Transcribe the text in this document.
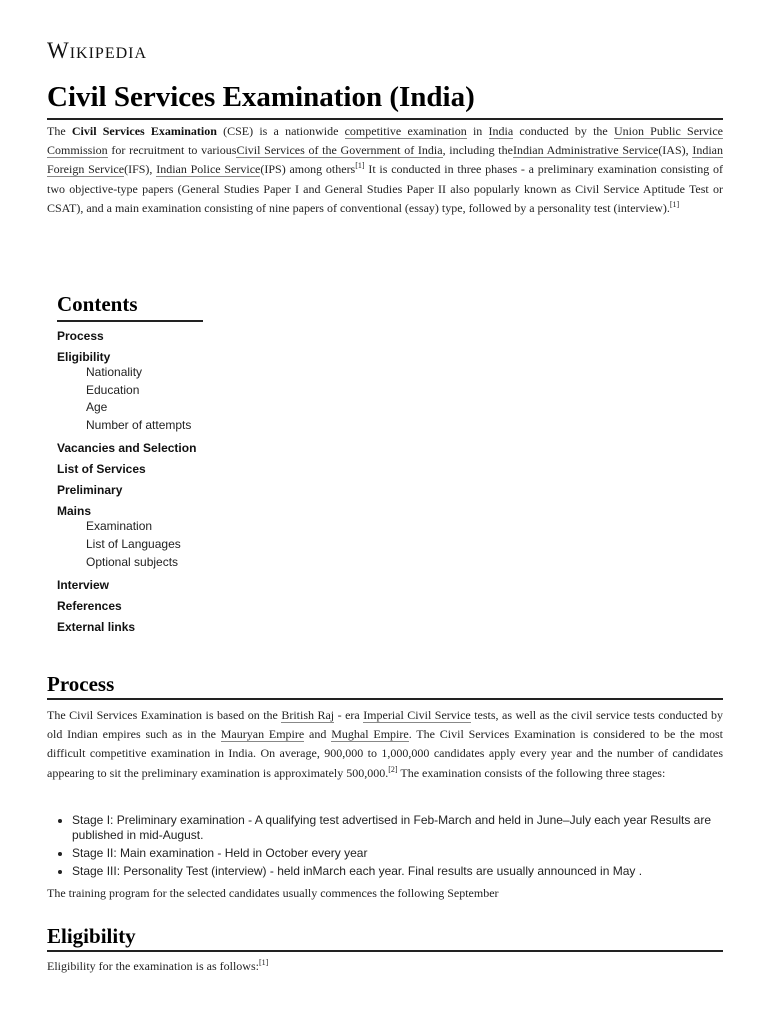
Wikipedia
Civil Services Examination (India)

The Civil Services Examination (CSE) is a nationwide competitive examination in India conducted by the Union Public Service Commission for recruitment to variousCivil Services of the Government of India, including theIndian Administrative Service(IAS), Indian Foreign Service(IFS), Indian Police Service(IPS) among others[1] It is conducted in three phases - a preliminary examination consisting of two objective-type papers (General Studies Paper I and General Studies Paper II also popularly known as Civil Service Aptitude Test or CSAT), and a main examination consisting of nine papers of conventional (essay) type, followed by a personality test (interview).[1]

Contents
Process
Eligibility
Nationality
Education
Age
Number of attempts
Vacancies and Selection
List of Services
Preliminary
Mains
Examination
List of Languages
Optional subjects
Interview
References
External links
Process

The Civil Services Examination is based on the British Raj - era Imperial Civil Service tests, as well as the civil service tests conducted by old Indian empires such as in the Mauryan Empire and Mughal Empire. The Civil Services Examination is considered to be the most difficult competitive examination in India. On average, 900,000 to 1,000,000 candidates apply every year and the number of candidates appearing to sit the preliminary examination is approximately 500,000.[2] The examination consists of the following three stages:

• Stage I: Preliminary examination - A qualifying test advertised in Feb-March and held in June–July each year Results are published in mid-August.
• Stage II: Main examination - Held in October every year
• Stage III: Personality Test (interview) - held inMarch each year. Final results are usually announced in May .

The training program for the selected candidates usually commences the following September

Eligibility

Eligibility for the examination is as follows:[1]
